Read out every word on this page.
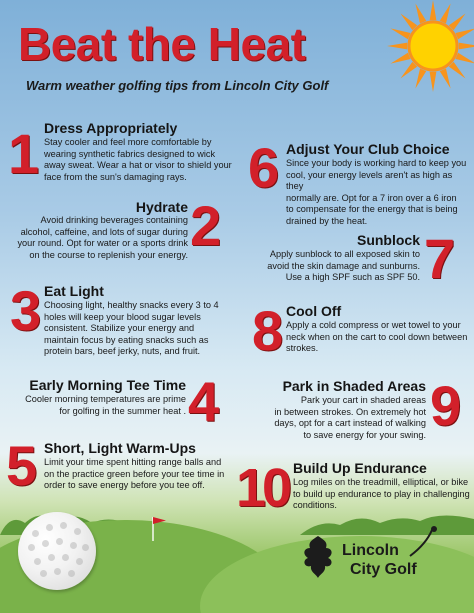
Beat the Heat
Warm weather golfing tips from Lincoln City Golf
1 Dress Appropriately
Stay cooler and feel more comfortable by
wearing synthetic fabrics designed to wick
away sweat. Wear a hat or visor to shield your
face from the sun's damaging rays.
2
Hydrate
Avoid drinking beverages containing
alcohol, caffeine, and lots of sugar during
your round. Opt for water or a sports drink
on the course to replenish your energy.
3 Eat Light
Choosing light, healthy snacks every 3 to 4
holes will keep your blood sugar levels
consistent. Stabilize your energy and
maintain focus by eating snacks such as
protein bars, beef jerky, nuts, and fruit.
4
Early Morning Tee Time
Cooler morning temperatures are prime
for golfing in the summer heat .
5 Short, Light Warm-Ups
Limit your time spent hitting range balls and
on the practice green before your tee time in
order to save energy before you tee off.
6 Adjust Your Club Choice
Since your body is working hard to keep you
cool, your energy levels aren't as high as they
normally are. Opt for a 7 iron over a 6 iron
to compensate for the energy that is being
drained by the heat.
7
Sunblock
Apply sunblock to all exposed skin to
avoid the skin damage and sunburns.
Use a high SPF such as SPF 50.
8 Cool Off
Apply a cold compress or wet towel to your
neck when on the cart to cool down between
strokes.
9
Park in Shaded Areas
Park your cart in shaded areas
in between strokes. On extremely hot
days, opt for a cart instead of walking
to save energy for your swing.
10 Build Up Endurance
Log miles on the treadmill, elliptical, or bike
to build up endurance to play in challenging
conditions.
Lincoln
City Golf
